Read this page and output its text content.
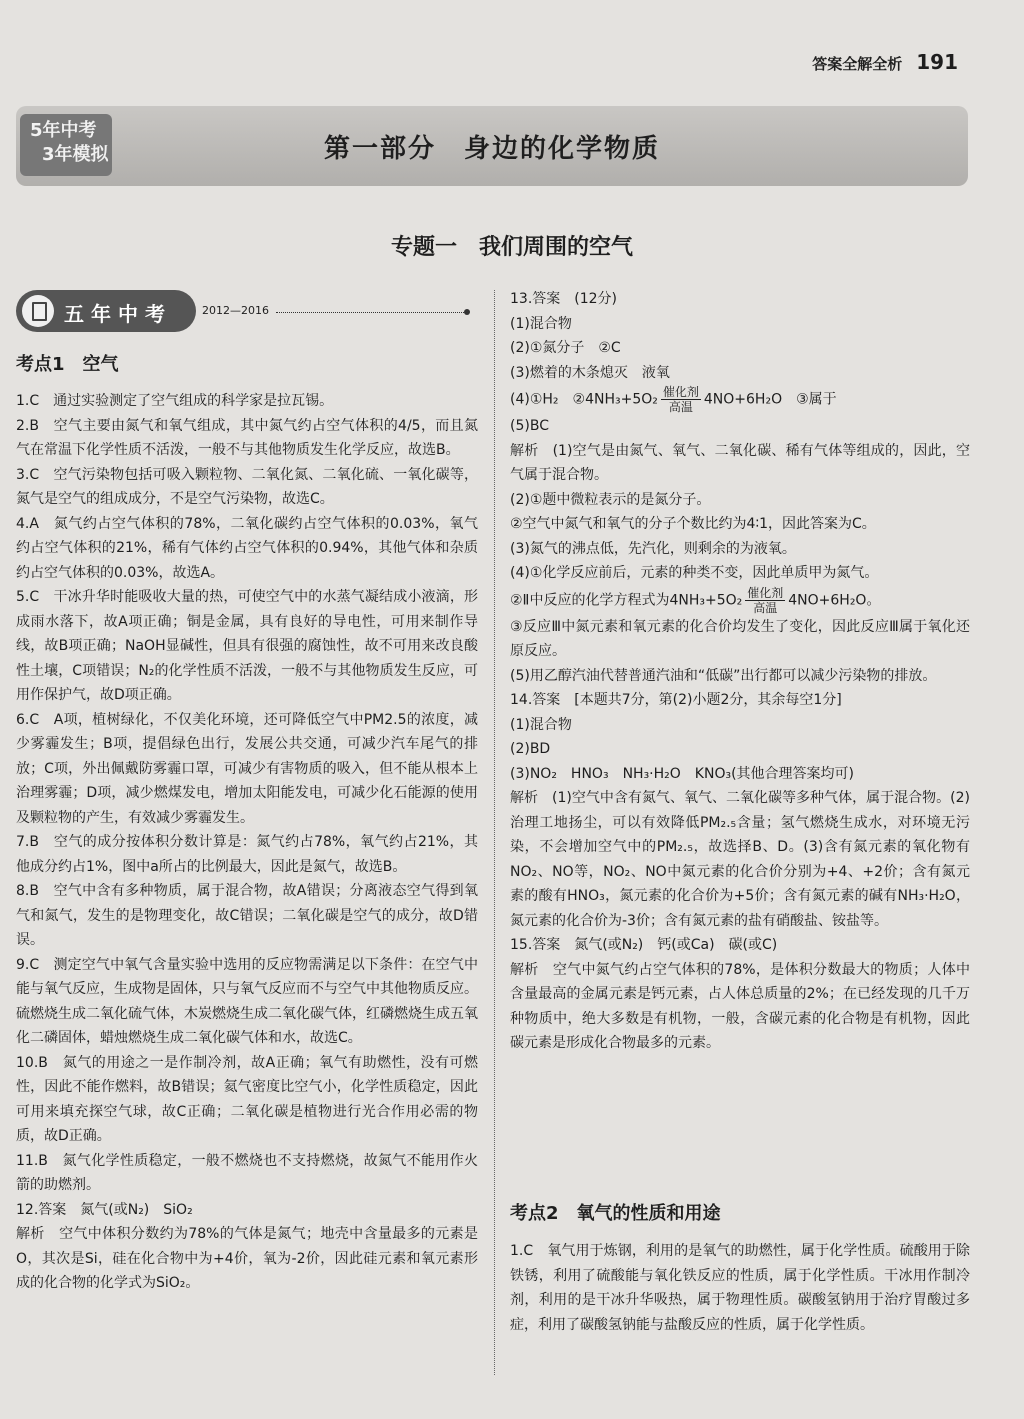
答案全解全析 191
5年中考
3年模拟	第一部分　身边的化学物质
专题一　我们周围的空气
五年中考	2012—2016
考点1　空气
1.C　通过实验测定了空气组成的科学家是拉瓦锡。
2.B　空气主要由氮气和氧气组成，其中氮气约占空气体积的4/5，而且氮气在常温下化学性质不活泼，一般不与其他物质发生化学反应，故选B。
3.C　空气污染物包括可吸入颗粒物、二氧化氮、二氧化硫、一氧化碳等，氮气是空气的组成成分，不是空气污染物，故选C。
4.A　氮气约占空气体积的78%，二氧化碳约占空气体积的0.03%，氧气约占空气体积的21%，稀有气体约占空气体积的0.94%，其他气体和杂质约占空气体积的0.03%，故选A。
5.C　干冰升华时能吸收大量的热，可使空气中的水蒸气凝结成小液滴，形成雨水落下，故A项正确；铜是金属，具有良好的导电性，可用来制作导线，故B项正确；NaOH显碱性，但具有很强的腐蚀性，故不可用来改良酸性土壤，C项错误；N₂的化学性质不活泼，一般不与其他物质发生反应，可用作保护气，故D项正确。
6.C　A项，植树绿化，不仅美化环境，还可降低空气中PM2.5的浓度，减少雾霾发生；B项，提倡绿色出行，发展公共交通，可减少汽车尾气的排放；C项，外出佩戴防雾霾口罩，可减少有害物质的吸入，但不能从根本上治理雾霾；D项，减少燃煤发电，增加太阳能发电，可减少化石能源的使用及颗粒物的产生，有效减少雾霾发生。
7.B　空气的成分按体积分数计算是：氮气约占78%，氧气约占21%，其他成分约占1%，图中a所占的比例最大，因此是氮气，故选B。
8.B　空气中含有多种物质，属于混合物，故A错误；分离液态空气得到氧气和氮气，发生的是物理变化，故C错误；二氧化碳是空气的成分，故D错误。
9.C　测定空气中氧气含量实验中选用的反应物需满足以下条件：在空气中能与氧气反应，生成物是固体，只与氧气反应而不与空气中其他物质反应。硫燃烧生成二氧化硫气体，木炭燃烧生成二氧化碳气体，红磷燃烧生成五氧化二磷固体，蜡烛燃烧生成二氧化碳气体和水，故选C。
10.B　氮气的用途之一是作制冷剂，故A正确；氧气有助燃性，没有可燃性，因此不能作燃料，故B错误；氦气密度比空气小，化学性质稳定，因此可用来填充探空气球，故C正确；二氧化碳是植物进行光合作用必需的物质，故D正确。
11.B　氮气化学性质稳定，一般不燃烧也不支持燃烧，故氮气不能用作火箭的助燃剂。
12.答案　氮气(或N₂)　SiO₂
解析　空气中体积分数约为78%的气体是氮气；地壳中含量最多的元素是O，其次是Si，硅在化合物中为+4价，氧为-2价，因此硅元素和氧元素形成的化合物的化学式为SiO₂。
13.答案　(12分)
(1)混合物
(2)①氮分子　②C
(3)燃着的木条熄灭　液氧
(4)①H₂　②4NH₃+5O₂ $\frac{\text{催化剂}}{\text{高温}} 4NO+6H_2O$　③属于
(5)BC
解析　(1)空气是由氮气、氧气、二氧化碳、稀有气体等组成的，因此，空气属于混合物。
(2)①题中微粒表示的是氮分子。
②空气中氮气和氧气的分子个数比约为4∶1，因此答案为C。
(3)氮气的沸点低，先汽化，则剩余的为液氧。
(4)①化学反应前后，元素的种类不变，因此单质甲为氮气。
②Ⅱ中反应的化学方程式为$4NH_3+5O_2 \frac{\text{催化剂}}{\text{高温}} 4NO+6H_2O$。
③反应Ⅲ中氮元素和氧元素的化合价均发生了变化，因此反应Ⅲ属于氧化还原反应。
(5)用乙醇汽油代替普通汽油和“低碳”出行都可以减少污染物的排放。
14.答案　[本题共7分，第(2)小题2分，其余每空1分]
(1)混合物
(2)BD
(3)NO₂　HNO₃　NH₃·H₂O　KNO₃(其他合理答案均可)
解析　(1)空气中含有氮气、氧气、二氧化碳等多种气体，属于混合物。(2)治理工地扬尘，可以有效降低PM₂.₅含量；氢气燃烧生成水，对环境无污染，不会增加空气中的PM₂.₅，故选择B、D。(3)含有氮元素的氧化物有NO₂、NO等，NO₂、NO中氮元素的化合价分别为+4、+2价；含有氮元素的酸有HNO₃，氮元素的化合价为+5价；含有氮元素的碱有NH₃·H₂O，氮元素的化合价为-3价；含有氮元素的盐有硝酸盐、铵盐等。
15.答案　氮气(或N₂)　钙(或Ca)　碳(或C)
解析　空气中氮气约占空气体积的78%，是体积分数最大的物质；人体中含量最高的金属元素是钙元素，占人体总质量的2%；在已经发现的几千万种物质中，绝大多数是有机物，一般，含碳元素的化合物是有机物，因此碳元素是形成化合物最多的元素。
考点2　氧气的性质和用途
1.C　氧气用于炼钢，利用的是氧气的助燃性，属于化学性质。硫酸用于除铁锈，利用了硫酸能与氧化铁反应的性质，属于化学性质。干冰用作制冷剂，利用的是干冰升华吸热，属于物理性质。碳酸氢钠用于治疗胃酸过多症，利用了碳酸氢钠能与盐酸反应的性质，属于化学性质。
